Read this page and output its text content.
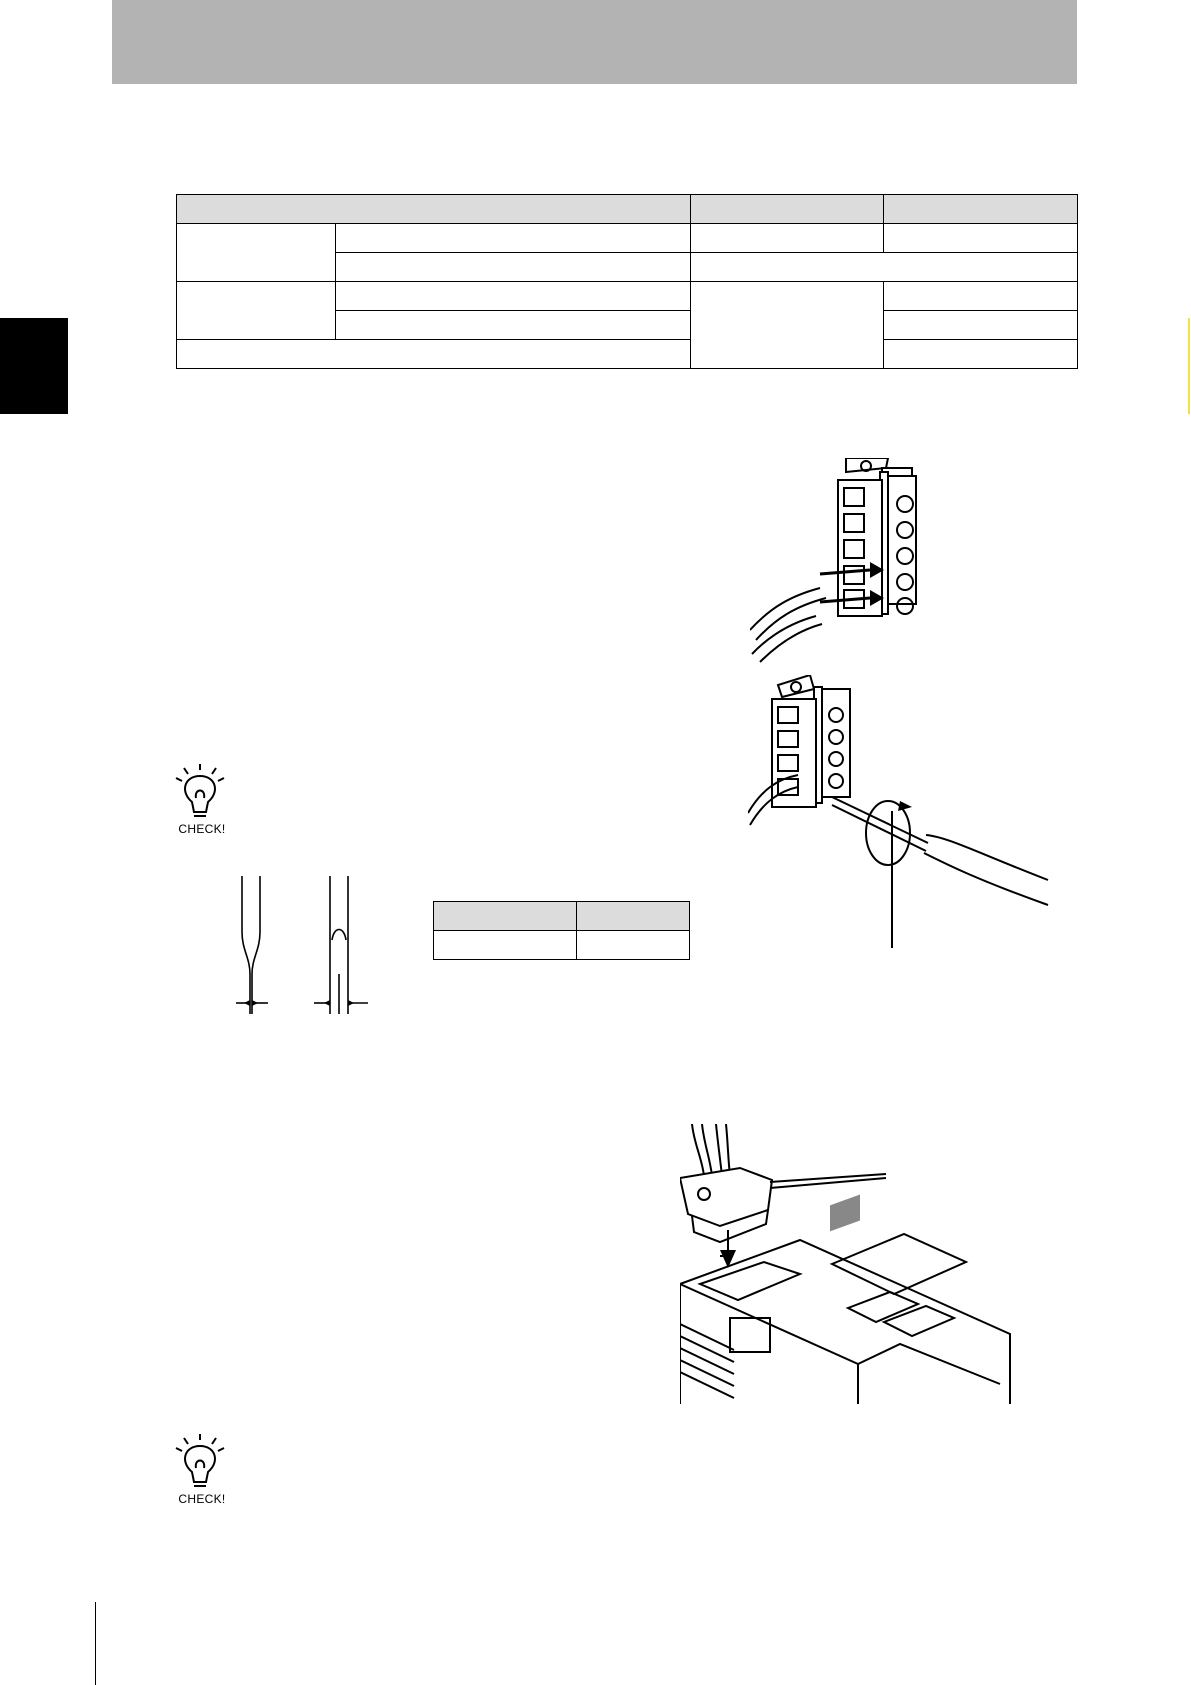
CHECK!

CHECK!
